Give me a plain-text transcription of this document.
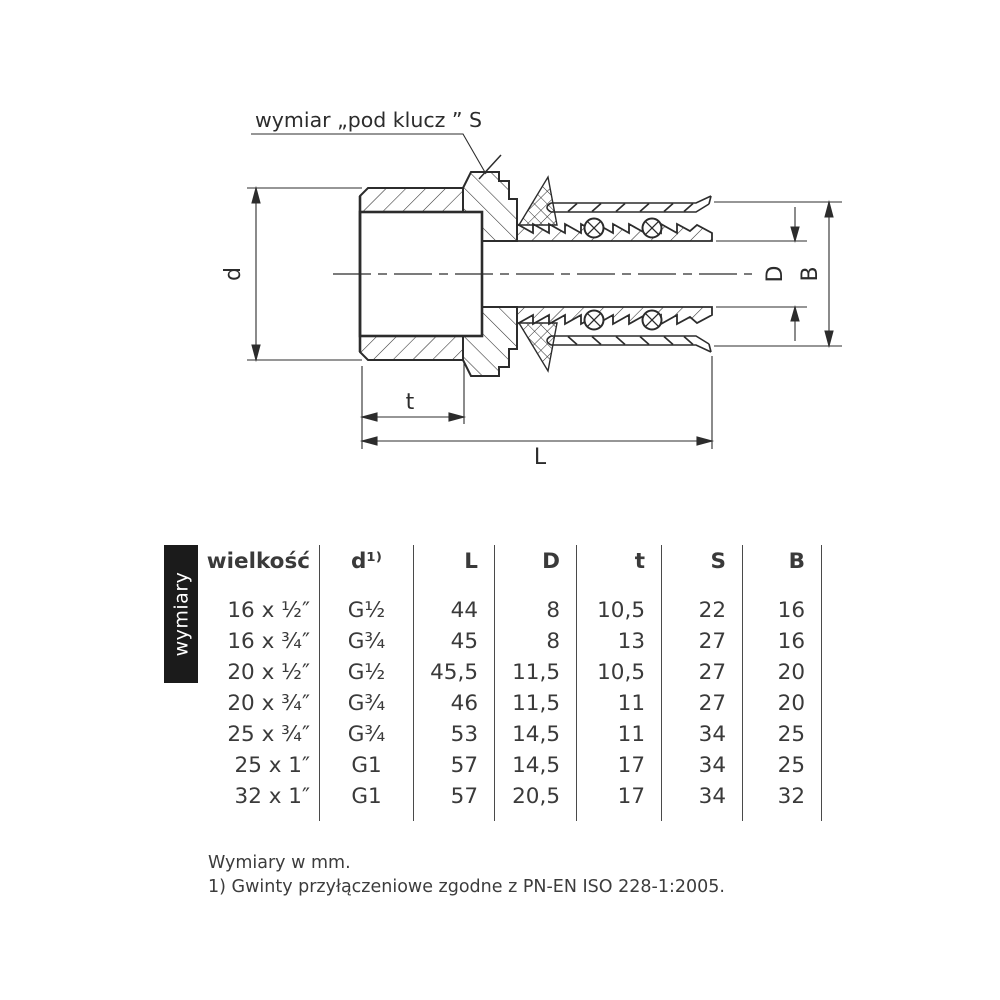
wymiar „pod klucz ” S
d	D B
t
L
wymiary
wielkość	d¹⁾	L	D	t	S	B
16 x ½″	G½	44	8	10,5	22	16
16 x ¾″	G¾	45	8	13	27	16
20 x ½″	G½	45,5	11,5	10,5	27	20
20 x ¾″	G¾	46	11,5	11	27	20
25 x ¾″	G¾	53	14,5	11	34	25
25 x 1″	G1	57	14,5	17	34	25
32 x 1″	G1	57	20,5	17	34	32
Wymiary w mm.
1) Gwinty przyłączeniowe zgodne z PN-EN ISO 228-1:2005.
